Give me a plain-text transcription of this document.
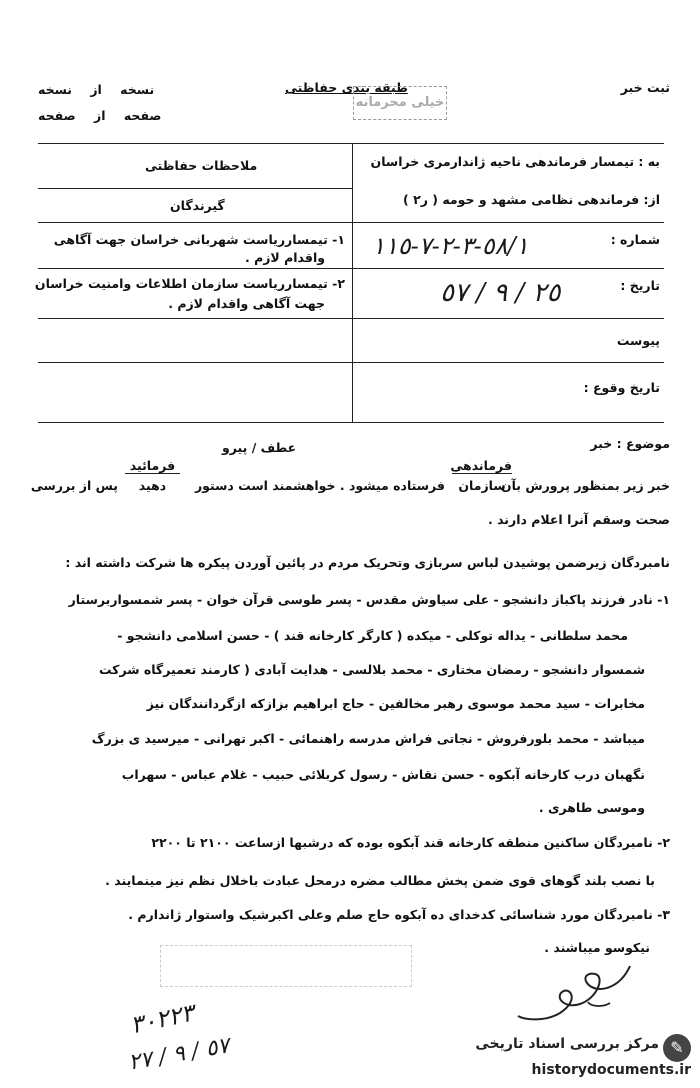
ثبت خبر
طبقه بندی حفاظتی
خیلی محرمانه
نسخه از نسخه
صفحه از صفحه
به : تیمسار فرماندهی ناحیه ژاندارمری خراسان
از: فرماندهی نظامی مشهد و حومه ( ر٢ )
ملاحظات حفاظتی
گیرندگان
١- تیمسارریاست شهربانی خراسان جهت آگاهی
واقدام لازم .
٢- تیمسارریاست سازمان اطلاعات وامنیت خراسان
جهت آگاهی واقدام لازم .
شماره :
٥٨/١-٣-٢-٧-١١٥
تاریخ :
٢٥ / ٩ / ٥٧
پیوست
تاریخ وقوع :
موضوع : خبر
عطف / پیرو
خبر زیر بمنظور پرورش بآن
فرماندهی
سازمان
فرستاده میشود . خواهشمند است دستور
فرمائید
دهید
پس از بررسی
صحت وسقم آنرا اعلام دارند .
نامبردگان زیرضمن پوشیدن لباس سربازی وتحریک مردم در پائین آوردن پیکره ها شرکت داشته اند :
١- نادر فرزند پاکباز دانشجو - علی سیاوش مقدس - پسر طوسی قرآن خوان - پسر شمسواربرستار
محمد سلطانی - یداله توکلی - میکده ( کارگر کارخانه قند ) - حسن اسلامی دانشجو -
شمسوار دانشجو - رمضان مختاری - محمد بلالسی - هدایت آبادی ( کارمند تعمیرگاه شرکت
مخابرات - سید محمد موسوی رهبر مخالفین - حاج ابراهیم بزازکه ازگردانندگان نیز
میباشد - محمد بلورفروش - نجاتی فراش مدرسه راهنمائی - اکبر تهرانی - میرسید ی بزرگ
نگهبان درب کارخانه آبکوه - حسن نقاش - رسول کربلائی حبیب - غلام عباس - سهراب
وموسی طاهری .
٢- نامبردگان ساکنین منطقه کارخانه قند آبکوه بوده که درشبها ازساعت ٢١٠٠ تا ٢٢٠٠
با نصب بلند گوهای قوی ضمن پخش مطالب مضره درمحل عبادت باخلال نظم نیز مینمایند .
٣- نامبردگان مورد شناسائی کدخدای ده آبکوه حاج صلم وعلی اکبرشیک واستوار ژاندارم .
نیکوسو میباشند .
٣٠٢٢٣
٥٧ / ٩ / ٢٧	✎
مرکز بررسی اسناد تاریخی
historydocuments.ir
